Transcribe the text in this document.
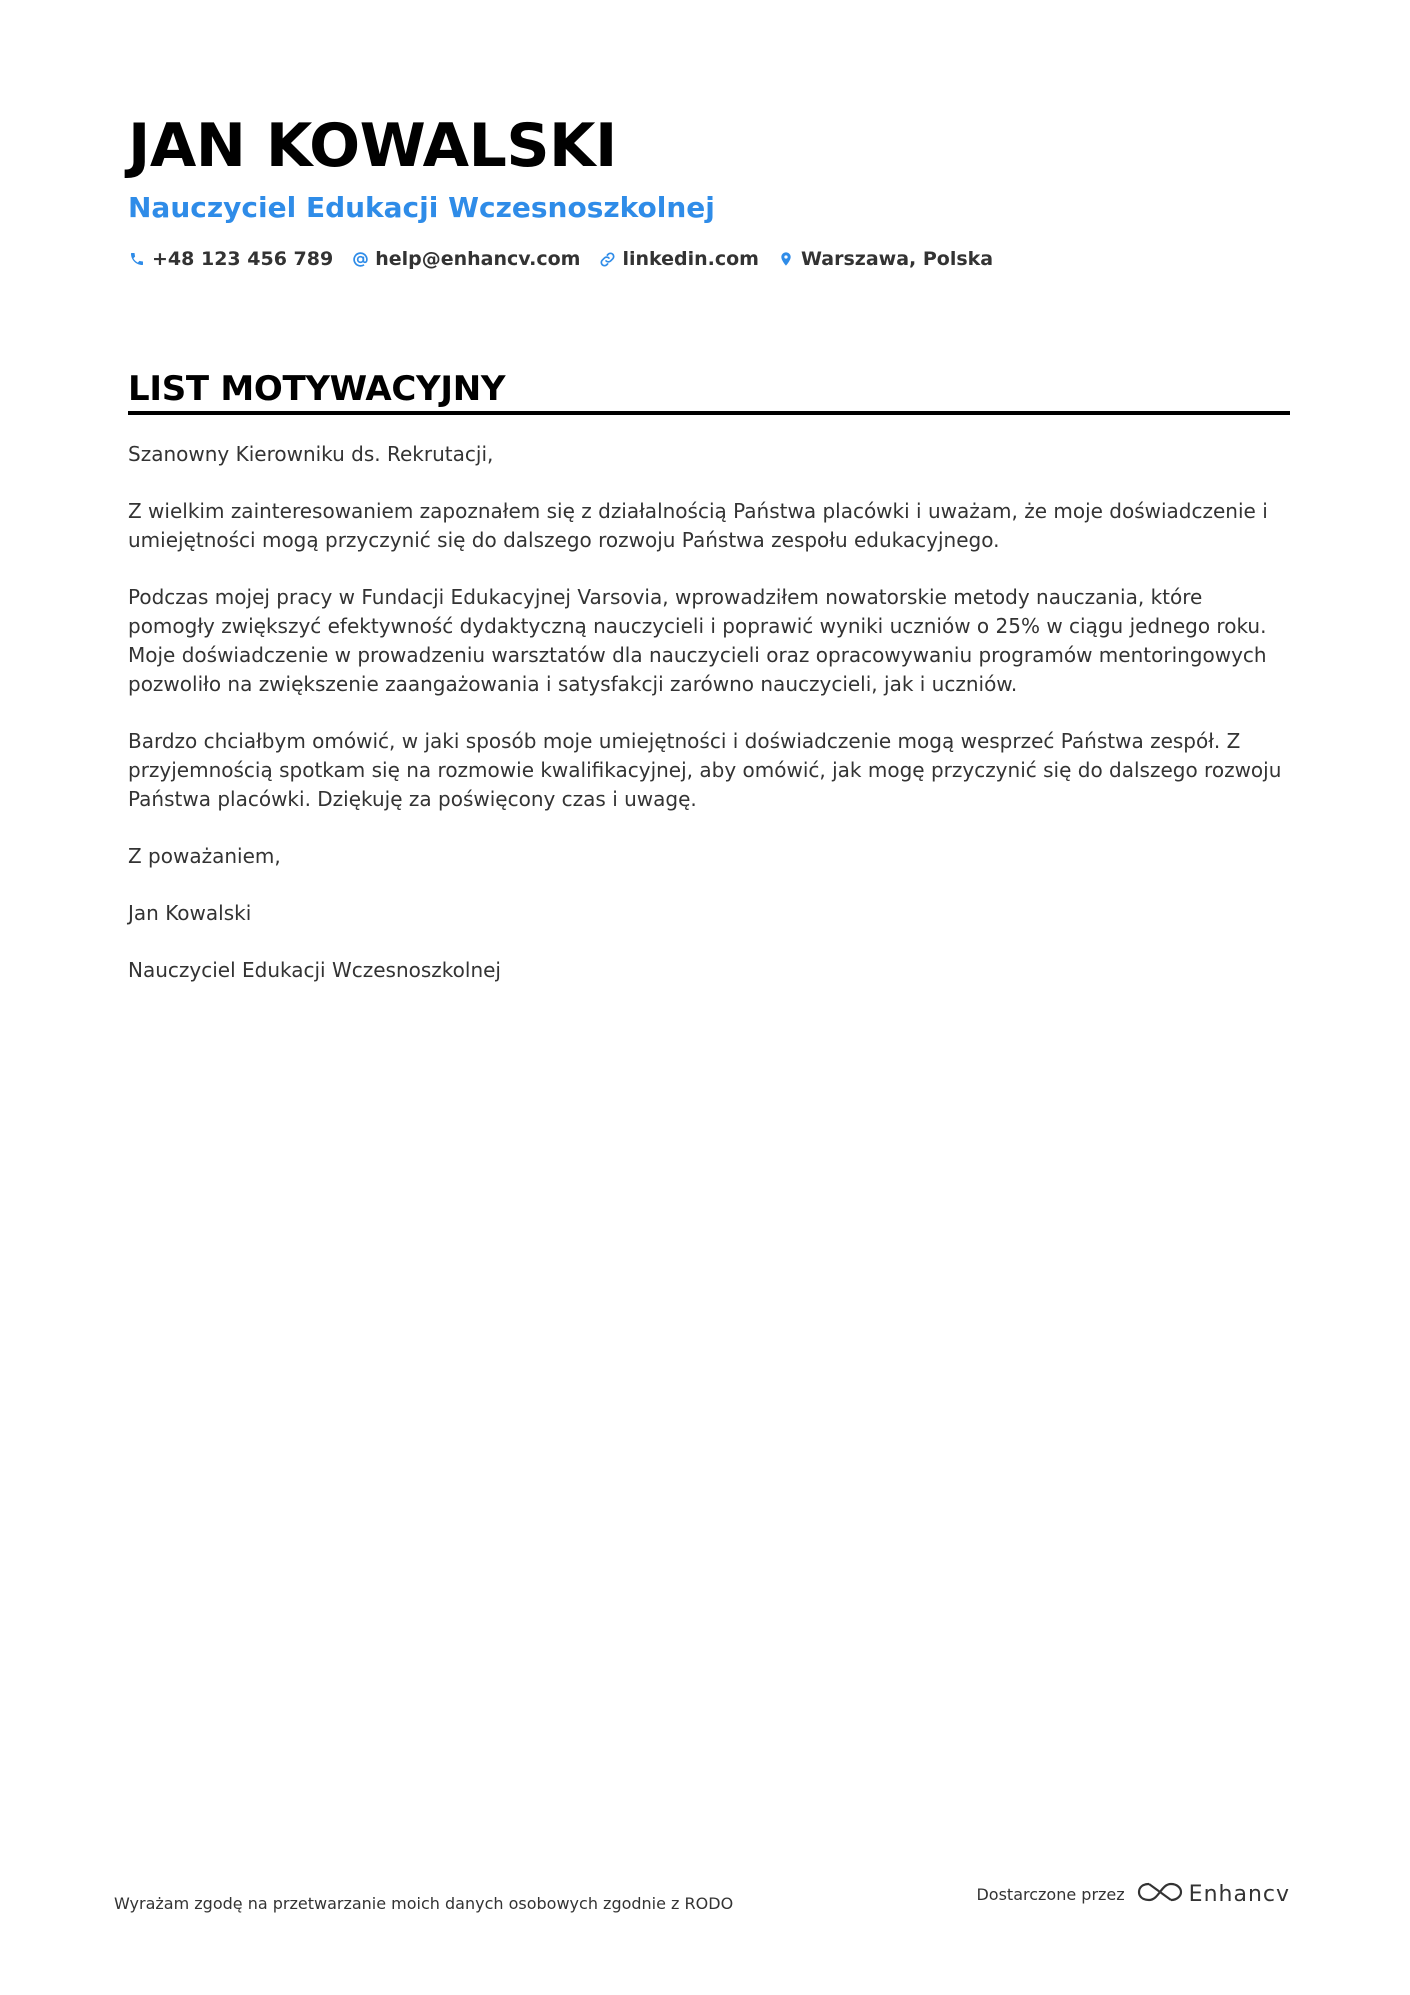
JAN KOWALSKI
Nauczyciel Edukacji Wczesnoszkolnej
+48 123 456 789 help@enhancv.com linkedin.com Warszawa, Polska
LIST MOTYWACYJNY

Szanowny Kierowniku ds. Rekrutacji,

Z wielkim zainteresowaniem zapoznałem się z działalnością Państwa placówki i uważam, że moje doświadczenie i umiejętności mogą przyczynić się do dalszego rozwoju Państwa zespołu edukacyjnego.

Podczas mojej pracy w Fundacji Edukacyjnej Varsovia, wprowadziłem nowatorskie metody nauczania, które pomogły zwiększyć efektywność dydaktyczną nauczycieli i poprawić wyniki uczniów o 25% w ciągu jednego roku. Moje doświadczenie w prowadzeniu warsztatów dla nauczycieli oraz opracowywaniu programów mentoringowych pozwoliło na zwiększenie zaangażowania i satysfakcji zarówno nauczycieli, jak i uczniów.

Bardzo chciałbym omówić, w jaki sposób moje umiejętności i doświadczenie mogą wesprzeć Państwa zespół. Z przyjemnością spotkam się na rozmowie kwalifikacyjnej, aby omówić, jak mogę przyczynić się do dalszego rozwoju Państwa placówki. Dziękuję za poświęcony czas i uwagę.

Z poważaniem,

Jan Kowalski

Nauczyciel Edukacji Wczesnoszkolnej

Wyrażam zgodę na przetwarzanie moich danych osobowych zgodnie z RODO	Dostarczone przez	Enhancv
